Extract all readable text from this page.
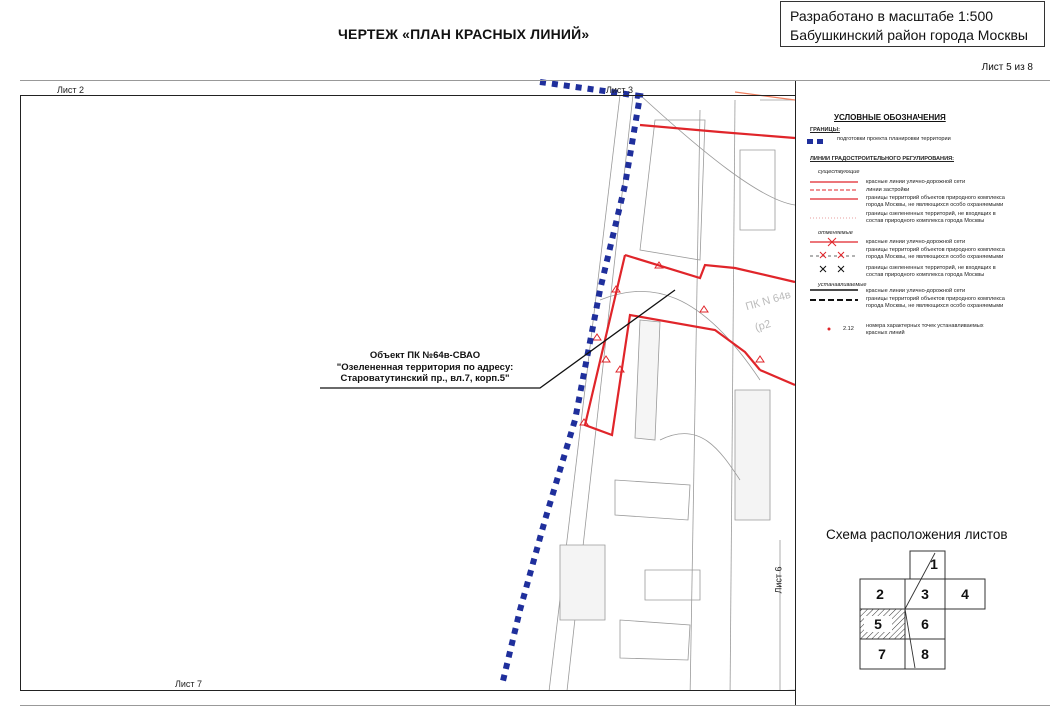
ЧЕРТЕЖ «ПЛАН КРАСНЫХ ЛИНИЙ»
Разработано в масштабе 1:500
Бабушкинский район города Москвы
Лист 5 из 8
Лист 2	Лист 3
Лист 7
Лист 6
ПК N 64в
(р2
Объект ПК №64в-СВАО
"Озелененная территория по адресу:
Староватутинский пр., вл.7, корп.5"
УСЛОВНЫЕ ОБОЗНАЧЕНИЯ
ГРАНИЦЫ:
подготовки проекта планировки территории
ЛИНИИ ГРАДОСТРОИТЕЛЬНОГО РЕГУЛИРОВАНИЯ:
существующие
красные линии улично-дорожной сети
линии застройки
границы территорий объектов природного комплекса города Москвы, не являющихся особо охраняемыми
границы озелененных территорий, не входящих в состав природного комплекса города Москвы
отменяемые
красные линии улично-дорожной сети
границы территорий объектов природного комплекса города Москвы, не являющихся особо охраняемыми
границы озелененных территорий, не входящих в состав природного комплекса города Москвы
устанавливаемые
красные линии улично-дорожной сети
границы территорий объектов природного комплекса города Москвы, не являющихся особо охраняемыми
2.12 номера характерных точек устанавливаемых красных линий
Схема расположения листов
1
2	3	4
5	6
7	8
